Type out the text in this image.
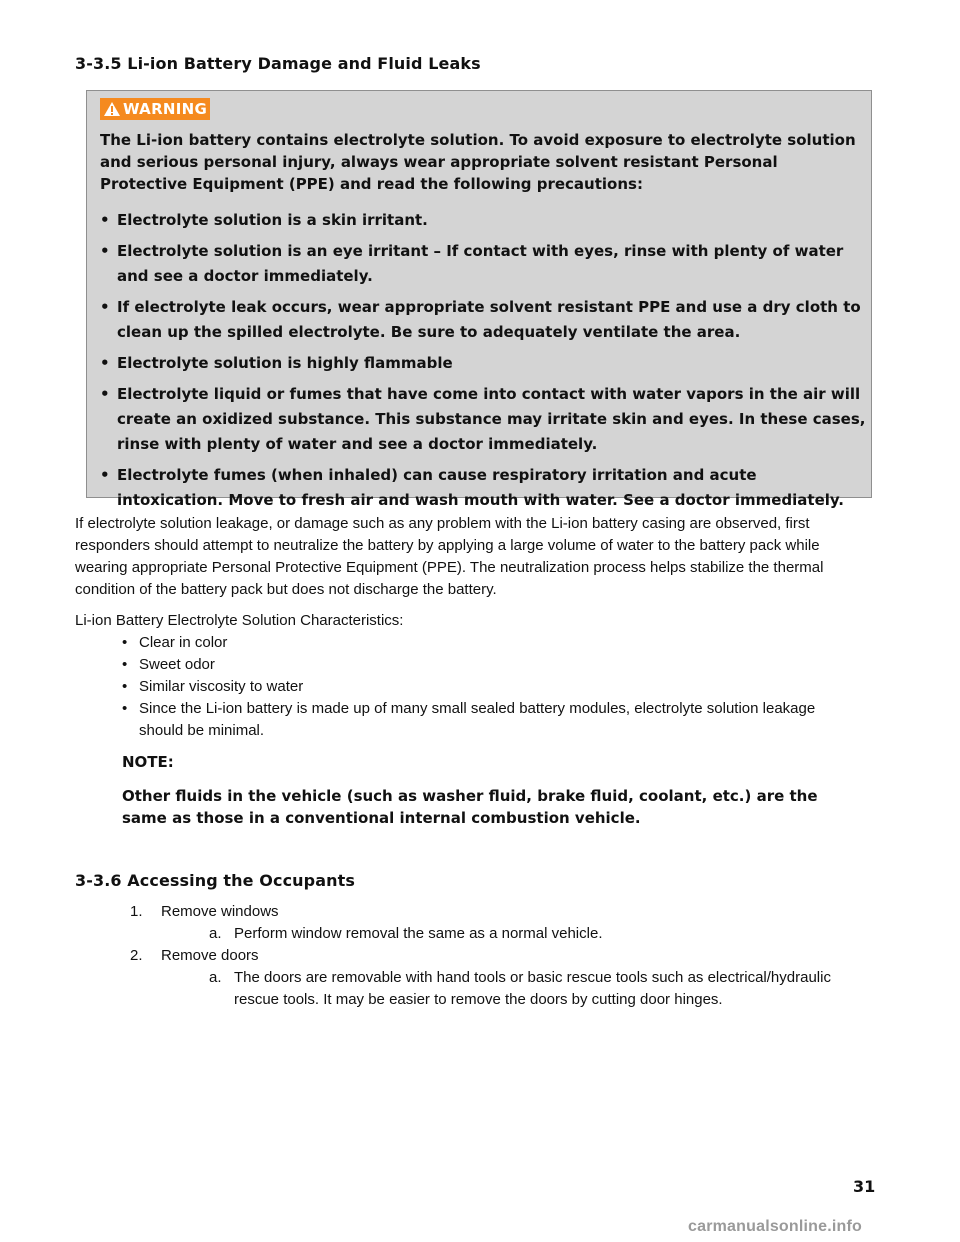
3-3.5 Li-ion Battery Damage and Fluid Leaks
WARNING

The Li-ion battery contains electrolyte solution. To avoid exposure to electrolyte solution and serious personal injury, always wear appropriate solvent resistant Personal Protective Equipment (PPE) and read the following precautions:

• Electrolyte solution is a skin irritant.
• Electrolyte solution is an eye irritant – If contact with eyes, rinse with plenty of water and see a doctor immediately.
• If electrolyte leak occurs, wear appropriate solvent resistant PPE and use a dry cloth to clean up the spilled electrolyte. Be sure to adequately ventilate the area.
• Electrolyte solution is highly flammable
• Electrolyte liquid or fumes that have come into contact with water vapors in the air will create an oxidized substance. This substance may irritate skin and eyes. In these cases, rinse with plenty of water and see a doctor immediately.
• Electrolyte fumes (when inhaled) can cause respiratory irritation and acute intoxication. Move to fresh air and wash mouth with water. See a doctor immediately.

If electrolyte solution leakage, or damage such as any problem with the Li-ion battery casing are observed, first responders should attempt to neutralize the battery by applying a large volume of water to the battery pack while wearing appropriate Personal Protective Equipment (PPE). The neutralization process helps stabilize the thermal condition of the battery pack but does not discharge the battery.

Li-ion Battery Electrolyte Solution Characteristics:

• Clear in color
• Sweet odor
• Similar viscosity to water
• Since the Li-ion battery is made up of many small sealed battery modules, electrolyte solution leakage should be minimal.

NOTE:

Other fluids in the vehicle (such as washer fluid, brake fluid, coolant, etc.) are the same as those in a conventional internal combustion vehicle.

3-3.6 Accessing the Occupants
1. Remove windows
a. Perform window removal the same as a normal vehicle.
2. Remove doors
a. The doors are removable with hand tools or basic rescue tools such as electrical/hydraulic rescue tools. It may be easier to remove the doors by cutting door hinges.
31
carmanualsonline.info
